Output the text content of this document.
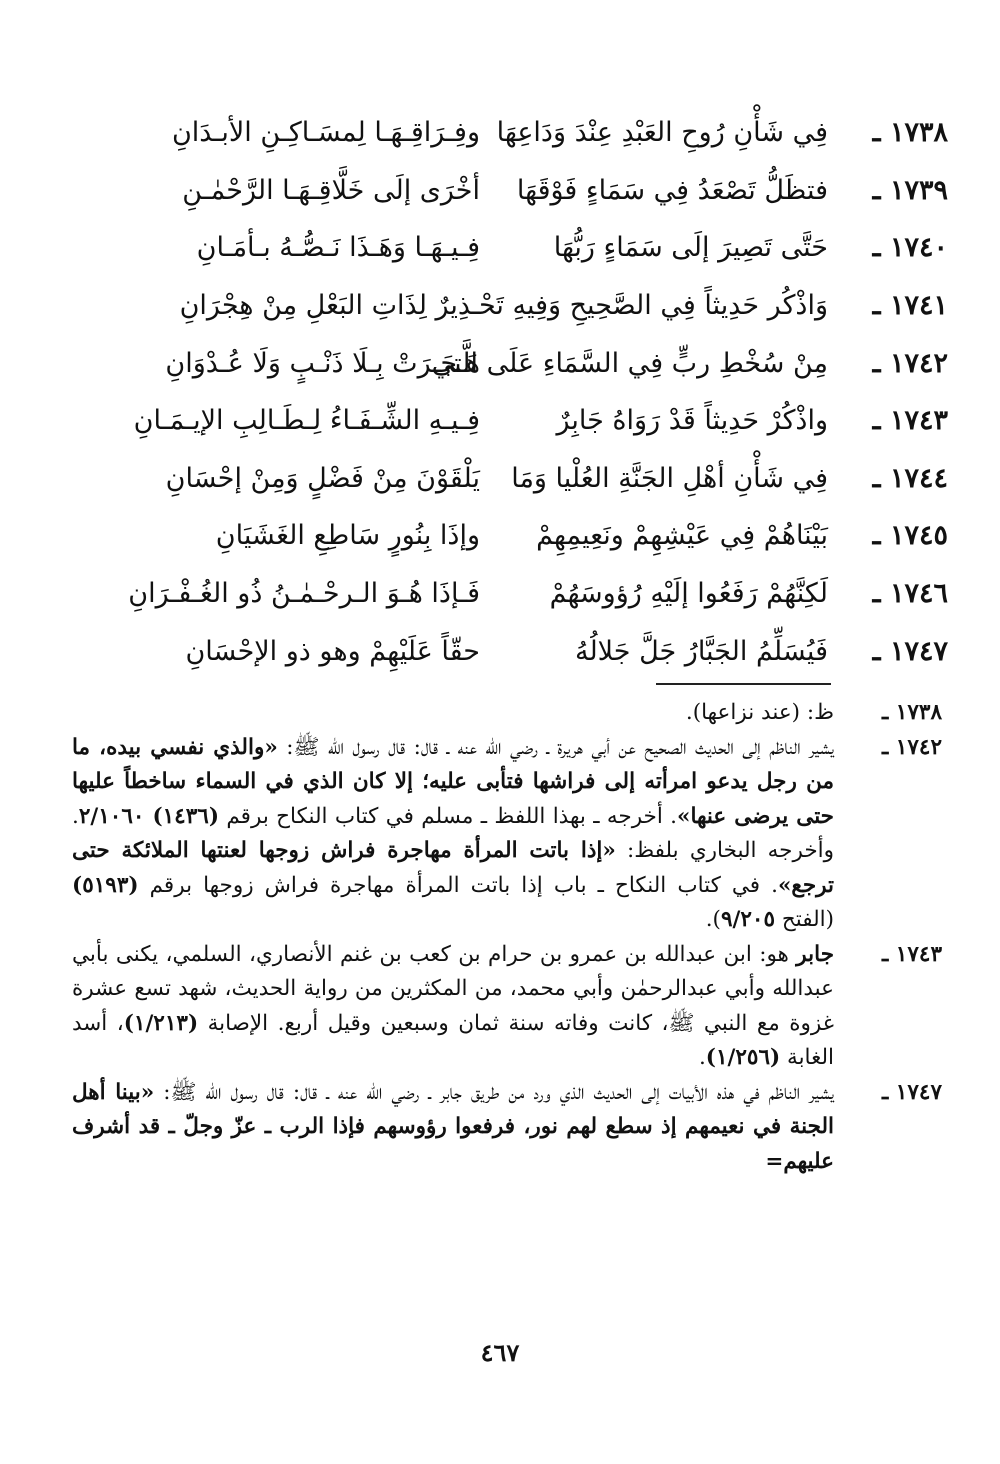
١٧٣٨ ـ
فِي شَأْنِ رُوحِ العَبْدِ عِنْدَ وَدَاعِهَا
وفِـرَاقِـهَـا لِمسَـاكِـنِ الأبـدَانِ
١٧٣٩ ـ
فتظَلُّ تَصْعَدُ فِي سَمَاءٍ فَوْقَهَا
أخْرَى إلَى خَلَّاقِـهَـا الرَّحْمٰـنِ
١٧٤٠ ـ
حَتَّى تَصِيرَ إلَى سَمَاءٍ رَبُّهَا
فِـيـهَـا وَهَـذَا نَـصُّـهُ بـأمَـانِ
١٧٤١ ـ
وَاذْكُر حَدِيثاً فِي الصَّحِيحِ وَفِيهِ تَحْـ
ـذِيرٌ لِذَاتِ البَعْلِ مِنْ هِجْرَانِ
١٧٤٢ ـ
مِنْ سُخْطِ ربٍّ فِي السَّمَاءِ عَلَى الَّتي
هَـجَـرَتْ بِـلَا ذَنْـبٍ وَلَا عُـدْوَانِ
١٧٤٣ ـ
واذْكُرْ حَدِيثاً قَدْ رَوَاهُ جَابِرٌ
فِـيـهِ الشِّـفَـاءُ لِـطَـالِبِ الإيـمَـانِ
١٧٤٤ ـ
فِي شَأْنِ أهْلِ الجَنَّةِ العُلْيا وَمَا
يَلْقَوْنَ مِنْ فَضْلٍ وَمِنْ إحْسَانِ
١٧٤٥ ـ
بَيْنَاهُمْ فِي عَيْشِهِمْ ونَعِيمِهِمْ
وإذَا بِنُورٍ سَاطِعِ الغَشَيَانِ
١٧٤٦ ـ
لَكِنَّهُمْ رَفَعُوا إلَيْهِ رُؤوسَهُمْ
فَـإذَا هُـوَ الـرحْـمٰـنُ ذُو الغُـفْـرَانِ
١٧٤٧ ـ
فَيُسَلِّمُ الجَبَّارُ جَلَّ جَلالُهُ
حقّاً عَلَيْهِمْ وهو ذو الإحْسَانِ
١٧٣٨ ـ
ظ: (عند نزاعها).
١٧٤٢ ـ
يشير الناظم إلى الحديث الصحيح عن أبي هريرة ـ رضي الله عنه ـ قال: قال رسول الله ﷺ: «والذي نفسي بيده، ما من رجل يدعو امرأته إلى فراشها فتأبى عليه؛ إلا كان الذي في السماء ساخطاً عليها حتى يرضى عنها». أخرجه ـ بهذا اللفظ ـ مسلم في كتاب النكاح برقم (١٤٣٦) ٢/١٠٦٠. وأخرجه البخاري بلفظ: «إذا باتت المرأة مهاجرة فراش زوجها لعنتها الملائكة حتى ترجع». في كتاب النكاح ـ باب إذا باتت المرأة مهاجرة فراش زوجها برقم (٥١٩٣) (الفتح ٩/٢٠٥).
١٧٤٣ ـ
جابر هو: ابن عبدالله بن عمرو بن حرام بن كعب بن غنم الأنصاري، السلمي، يكنى بأبي عبدالله وأبي عبدالرحمٰن وأبي محمد، من المكثرين من رواية الحديث، شهد تسع عشرة غزوة مع النبي ﷺ، كانت وفاته سنة ثمان وسبعين وقيل أربع. الإصابة (١/٢١٣)، أسد الغابة (١/٢٥٦).
١٧٤٧ ـ
يشير الناظم في هذه الأبيات إلى الحديث الذي ورد من طريق جابر ـ رضي الله عنه ـ قال: قال رسول الله ﷺ: «بينا أهل الجنة في نعيمهم إذ سطع لهم نور، فرفعوا رؤوسهم فإذا الرب ـ عزّ وجلّ ـ قد أشرف عليهم=
٤٦٧
